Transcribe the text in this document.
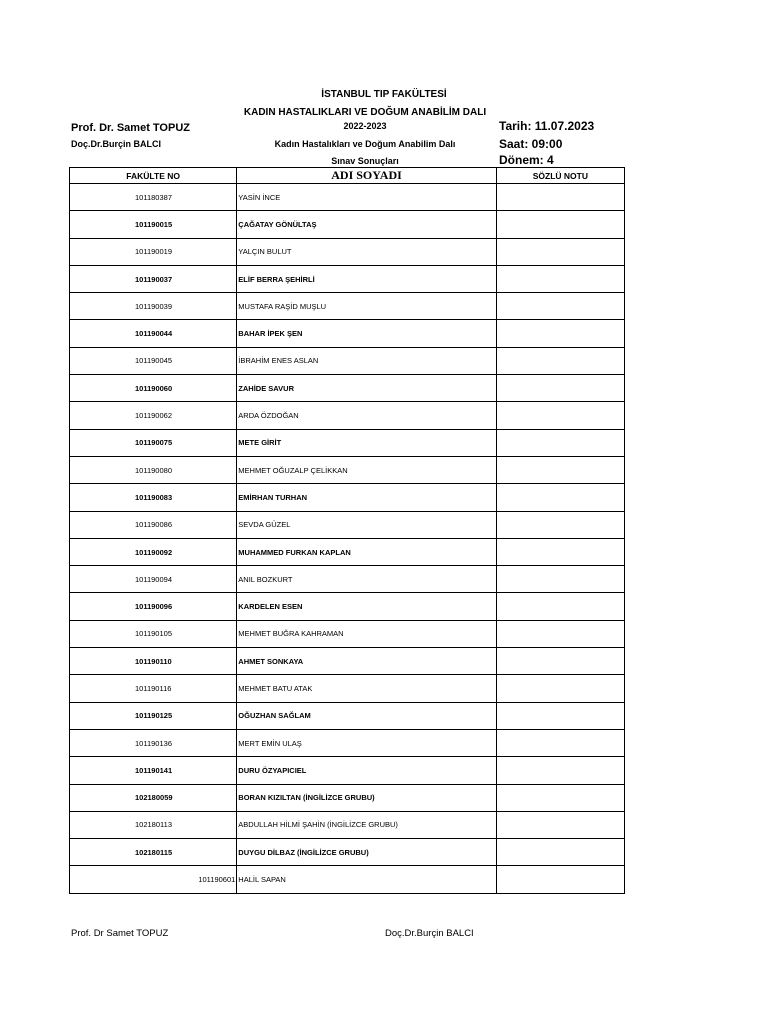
İSTANBUL TIP FAKÜLTESİ
KADIN HASTALIKLARI VE DOĞUM ANABİLİM DALI
2022-2023
Kadın Hastalıkları ve Doğum Anabilim Dalı
Sınav Sonuçları
Prof. Dr. Samet TOPUZ
Doç.Dr.Burçin BALCI
Tarih: 11.07.2023
Saat: 09:00
Dönem: 4
FAKÜLTE NO	ADI SOYADI	SÖZLÜ NOTU
101180387	YASİN İNCE	
101190015	ÇAĞATAY GÖNÜLTAŞ	
101190019	YALÇIN BULUT	
101190037	ELİF BERRA ŞEHİRLİ	
101190039	MUSTAFA RAŞİD MUŞLU	
101190044	BAHAR İPEK ŞEN	
101190045	İBRAHİM ENES ASLAN	
101190060	ZAHİDE SAVUR	
101190062	ARDA ÖZDOĞAN	
101190075	METE GİRİT	
101190080	MEHMET OĞUZALP ÇELİKKAN	
101190083	EMİRHAN TURHAN	
101190086	SEVDA GÜZEL	
101190092	MUHAMMED FURKAN KAPLAN	
101190094	ANIL BOZKURT	
101190096	KARDELEN ESEN	
101190105	MEHMET BUĞRA KAHRAMAN	
101190110	AHMET SONKAYA	
101190116	MEHMET BATU ATAK	
101190125	OĞUZHAN SAĞLAM	
101190136	MERT EMİN ULAŞ	
101190141	DURU ÖZYAPICIEL	
102180059	BORAN KIZILTAN (İNGİLİZCE GRUBU)	
102180113	ABDULLAH HİLMİ ŞAHİN (İNGİLİZCE GRUBU)	
102180115	DUYGU DİLBAZ (İNGİLİZCE GRUBU)	
101190601	HALİL SAPAN	
Prof. Dr Samet TOPUZ	Doç.Dr.Burçin BALCI
